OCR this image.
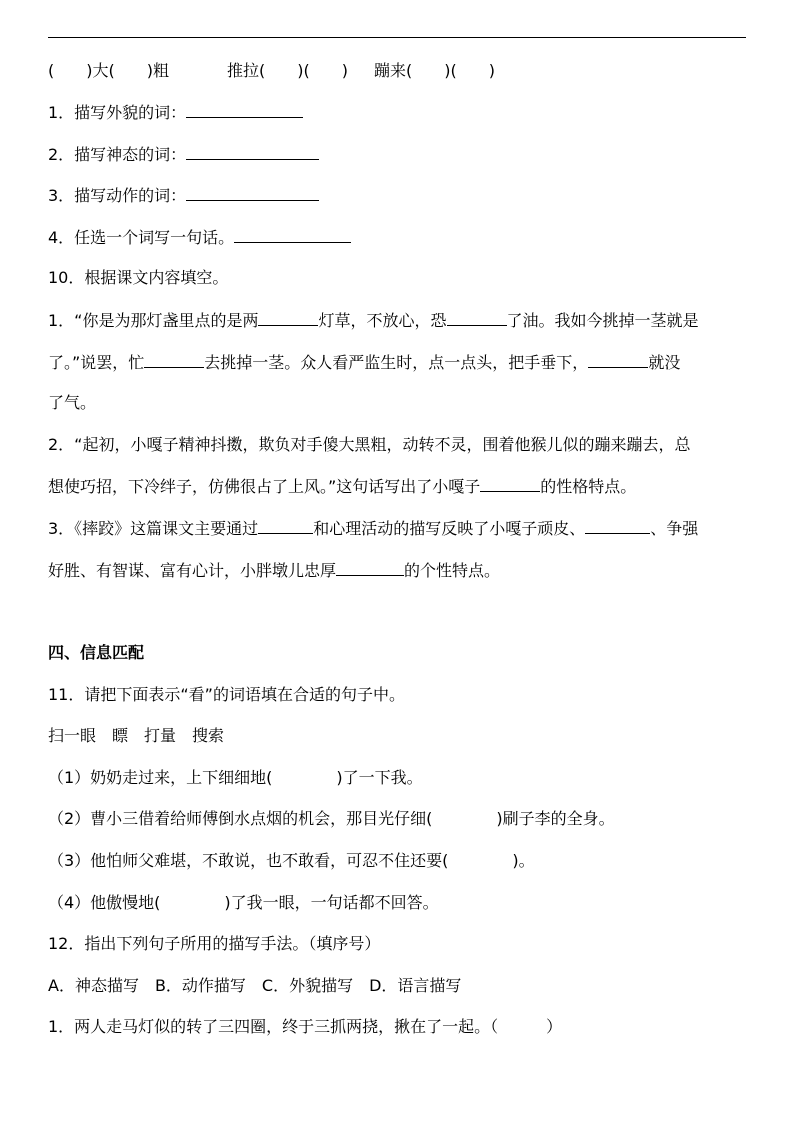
(　　)大(　　)粗	推拉(　　)(　　) 蹦来(　　)(　　)
1．描写外貌的词：
2．描写神态的词：
3．描写动作的词：
4．任选一个词写一句话。
10．根据课文内容填空。
1．“你是为那灯盏里点的是两	灯草，不放心，恐	了油。我如今挑掉一茎就是
了。”说罢，忙	去挑掉一茎。众人看严监生时，点一点头，把手垂下，	就没
了气。
2．“起初，小嘎子精神抖擞，欺负对手傻大黑粗，动转不灵，围着他猴儿似的蹦来蹦去，总
想使巧招，下冷绊子，仿佛很占了上风。”这句话写出了小嘎子	的性格特点。
3．《摔跤》这篇课文主要通过	和心理活动的描写反映了小嘎子顽皮、	、争强
好胜、有智谋、富有心计，小胖墩儿忠厚	的个性特点。
四、信息匹配
11．请把下面表示“看”的词语填在合适的句子中。
扫一眼　瞟　打量　搜索
（1）奶奶走过来，上下细细地(　　　　)了一下我。
（2）曹小三借着给师傅倒水点烟的机会，那目光仔细(　　　　)刷子李的全身。
（3）他怕师父难堪，不敢说，也不敢看，可忍不住还要(　　　　)。
（4）他傲慢地(　　　　)了我一眼，一句话都不回答。
12．指出下列句子所用的描写手法。（填序号）
A．神态描写　B．动作描写　C．外貌描写　D．语言描写
1．两人走马灯似的转了三四圈，终于三抓两挠，揪在了一起。（　　　）
